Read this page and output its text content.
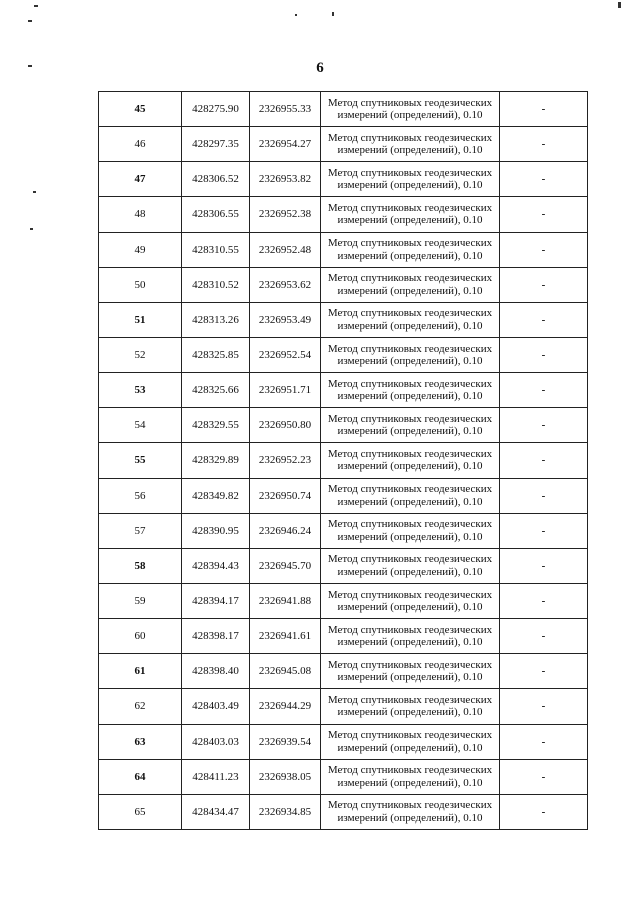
6
45	428275.90	2326955.33	Метод спутниковых геодезических
измерений (определений), 0.10	-
46	428297.35	2326954.27	Метод спутниковых геодезических
измерений (определений), 0.10	-
47	428306.52	2326953.82	Метод спутниковых геодезических
измерений (определений), 0.10	-
48	428306.55	2326952.38	Метод спутниковых геодезических
измерений (определений), 0.10	-
49	428310.55	2326952.48	Метод спутниковых геодезических
измерений (определений), 0.10	-
50	428310.52	2326953.62	Метод спутниковых геодезических
измерений (определений), 0.10	-
51	428313.26	2326953.49	Метод спутниковых геодезических
измерений (определений), 0.10	-
52	428325.85	2326952.54	Метод спутниковых геодезических
измерений (определений), 0.10	-
53	428325.66	2326951.71	Метод спутниковых геодезических
измерений (определений), 0.10	-
54	428329.55	2326950.80	Метод спутниковых геодезических
измерений (определений), 0.10	-
55	428329.89	2326952.23	Метод спутниковых геодезических
измерений (определений), 0.10	-
56	428349.82	2326950.74	Метод спутниковых геодезических
измерений (определений), 0.10	-
57	428390.95	2326946.24	Метод спутниковых геодезических
измерений (определений), 0.10	-
58	428394.43	2326945.70	Метод спутниковых геодезических
измерений (определений), 0.10	-
59	428394.17	2326941.88	Метод спутниковых геодезических
измерений (определений), 0.10	-
60	428398.17	2326941.61	Метод спутниковых геодезических
измерений (определений), 0.10	-
61	428398.40	2326945.08	Метод спутниковых геодезических
измерений (определений), 0.10	-
62	428403.49	2326944.29	Метод спутниковых геодезических
измерений (определений), 0.10	-
63	428403.03	2326939.54	Метод спутниковых геодезических
измерений (определений), 0.10	-
64	428411.23	2326938.05	Метод спутниковых геодезических
измерений (определений), 0.10	-
65	428434.47	2326934.85	Метод спутниковых геодезических
измерений (определений), 0.10	-
